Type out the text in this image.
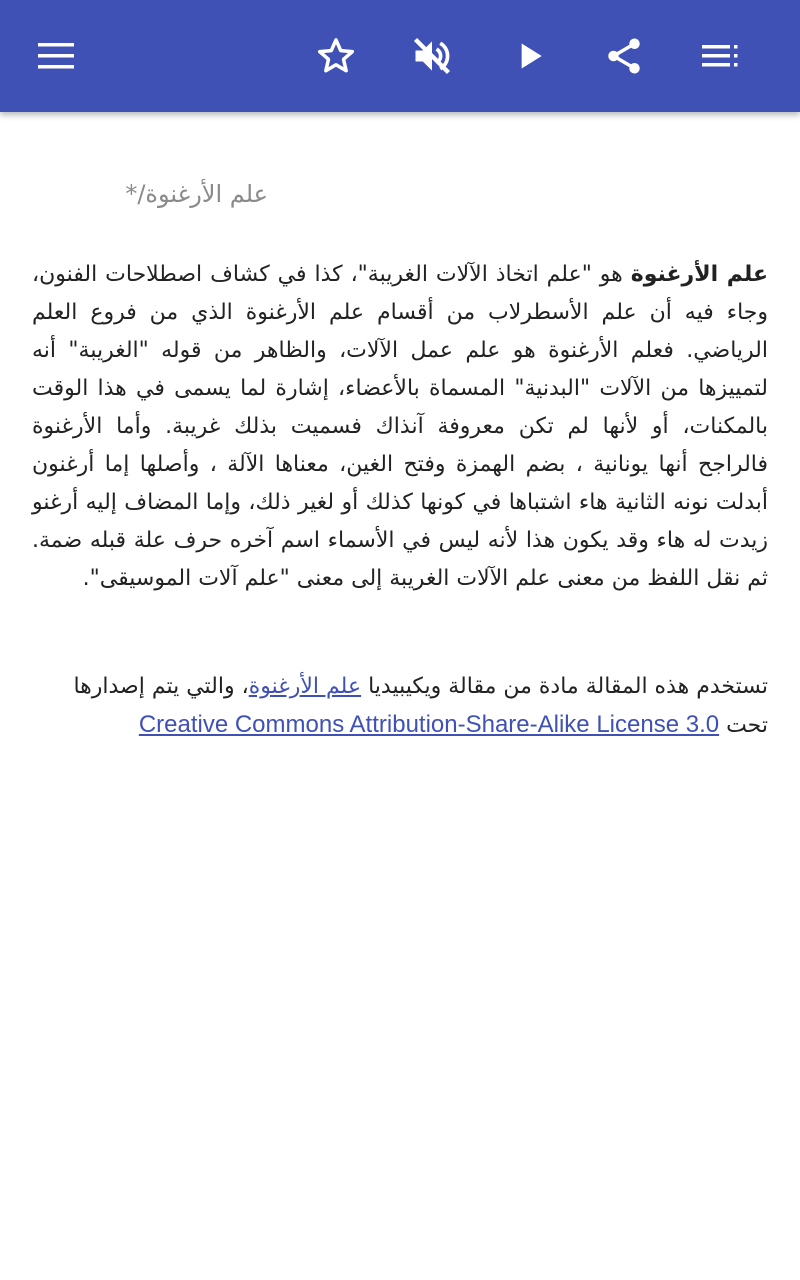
علم الأرغنوة/*
علم الأرغنوة هو "علم اتخاذ الآلات الغريبة"، كذا في كشاف اصطلاحات الفنون، وجاء فيه أن علم الأسطرلاب من أقسام علم الأرغنوة الذي من فروع العلم الرياضي. فعلم الأرغنوة هو علم عمل الآلات، والظاهر من قوله "الغريبة" أنه لتمييزها من الآلات "البدنية" المسماة بالأعضاء، إشارة لما يسمى في هذا الوقت بالمكنات، أو لأنها لم تكن معروفة آنذاك فسميت بذلك غريبة. وأما الأرغنوة فالراجح أنها يونانية ، بضم الهمزة وفتح الغين، معناها الآلة ، وأصلها إما أرغنون أبدلت نونه الثانية هاء اشتباها في كونها كذلك أو لغير ذلك، وإما المضاف إليه أرغنو زيدت له هاء وقد يكون هذا لأنه ليس في الأسماء اسم آخره حرف علة قبله ضمة. ثم نقل اللفظ من معنى علم الآلات الغريبة إلى معنى "علم آلات الموسيقى".
تستخدم هذه المقالة مادة من مقالة ويكيبيديا علم الأرغنوة، والتي يتم إصدارها تحت Creative Commons Attribution-Share-Alike License 3.0
